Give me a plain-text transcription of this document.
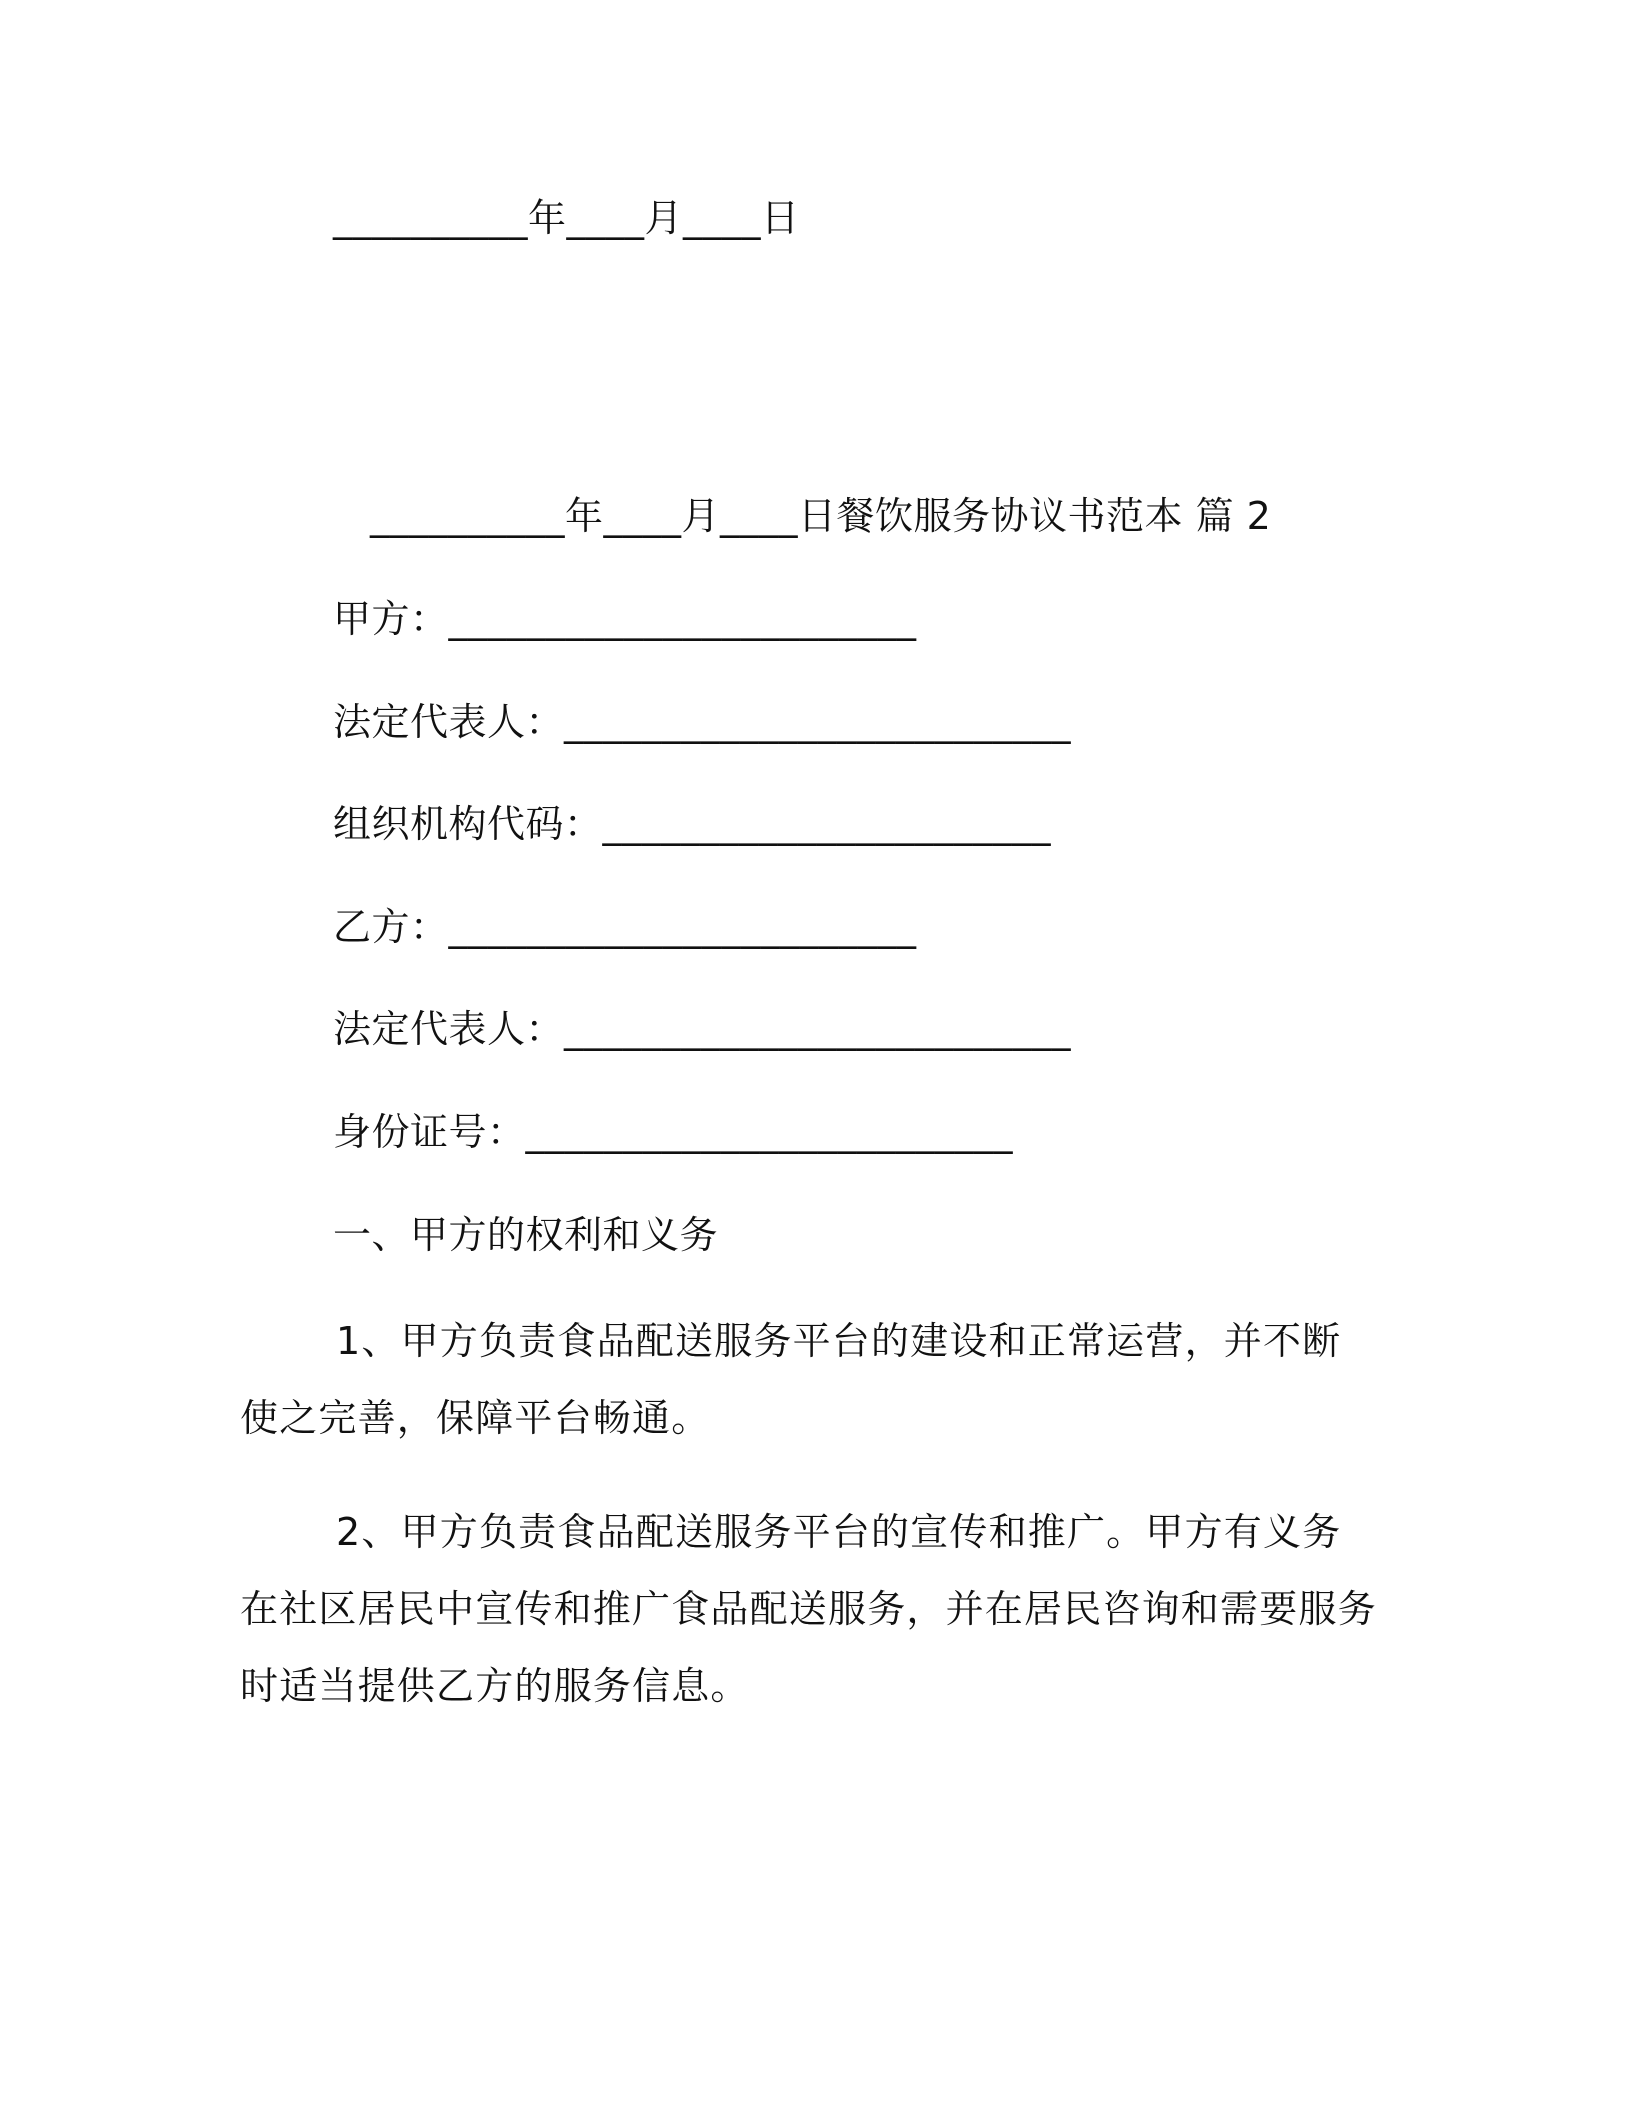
__________年____月____日
__________年____月____日餐饮服务协议书范本 篇 2
甲方：________________________
法定代表人：__________________________
组织机构代码：_______________________
乙方：________________________
法定代表人：__________________________
身份证号：_________________________
一、甲方的权利和义务

1、甲方负责食品配送服务平台的建设和正常运营，并不断使之完善，保障平台畅通。

2、甲方负责食品配送服务平台的宣传和推广。甲方有义务在社区居民中宣传和推广食品配送服务，并在居民咨询和需要服务时适当提供乙方的服务信息。
